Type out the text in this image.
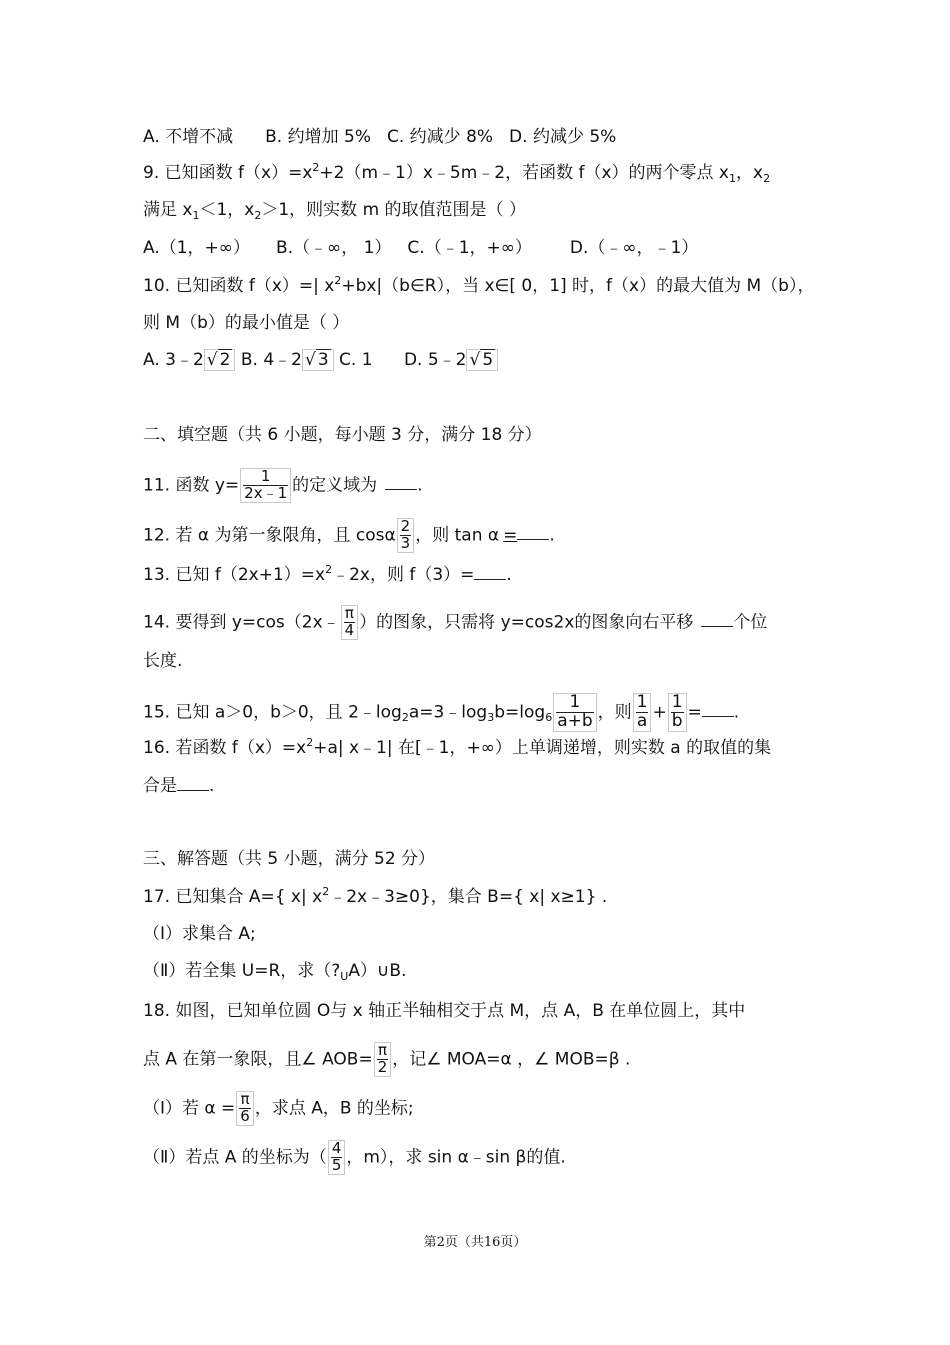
A. 不增不减 B. 约增加 5% C. 约减少 8% D. 约减少 5%
9. 已知函数 $f(x)=x^2+2(m﹣1)x﹣5m﹣2$，若函数 f（x）的两个零点 $x_1$，$x_2$
满足 $x_1<1$，$x_2>1$，则实数 m 的取值范围是（ ）
A.（1，+∞） B.（﹣∞， 1） C.（﹣1，+∞） D.（﹣∞，﹣1）
10. 已知函数 f（x）=| $x^2+bx|(b\in R)$，当 x∈[ 0，1] 时，f（x）的最大值为 M（b），
则 M（b）的最小值是（ ）
A. 3﹣2 √ 2 B. 4﹣2 √ 3 C. 1 D. 5﹣2 √ 5
二、填空题（共 6 小题，每小题 3 分，满分 18 分）
11. 函数 $y= \frac{1}{2x﹣1}$ 的定义域为 .
12. 若 α 为第一象限角，且 cosα $\frac{2}{3}$ ，则 tan α = .
13. 已知 $f(2x+1)=x^2﹣2x$，则 f（3）= .
14. 要得到 y=cos（2x﹣ $\frac{\pi}{4}$ ）的图象，只需将 y=cos2x的图象向右平移 个位
长度.
15. 已知 a＞0，b＞0，且 $2﹣\log_2a=3﹣\log_3b=\log_6 \frac{1}{a+b}$ ，则 $\frac{1}{a} + \frac{1}{b}$ = .
16. 若函数 $f(x)=x^2+a|$ x﹣1| 在[﹣1，+∞）上单调递增，则实数 a 的取值的集
合是 .
三、解答题（共 5 小题，满分 52 分）
17. 已知集合 A={ x| $x^2﹣2x﹣3\ge 0$}，集合 B={ x| x≥1} .
（Ⅰ）求集合 A;
（Ⅱ）若全集 U=R，求$(?_UA)\cup B$.
18. 如图，已知单位圆 O与 x 轴正半轴相交于点 M，点 A，B 在单位圆上，其中
点 A 在第一象限，且∠ $AOB= \frac{\pi}{2}$ ，记∠ MOA=α ，∠ MOB=β .
（Ⅰ）若 $\alpha = \frac{\pi}{6}$ ，求点 A，B 的坐标;
（Ⅱ）若点 A 的坐标为（ $\frac{4}{5}$ ，m），求 sin α﹣sin β的值.
第2页（共16页）
